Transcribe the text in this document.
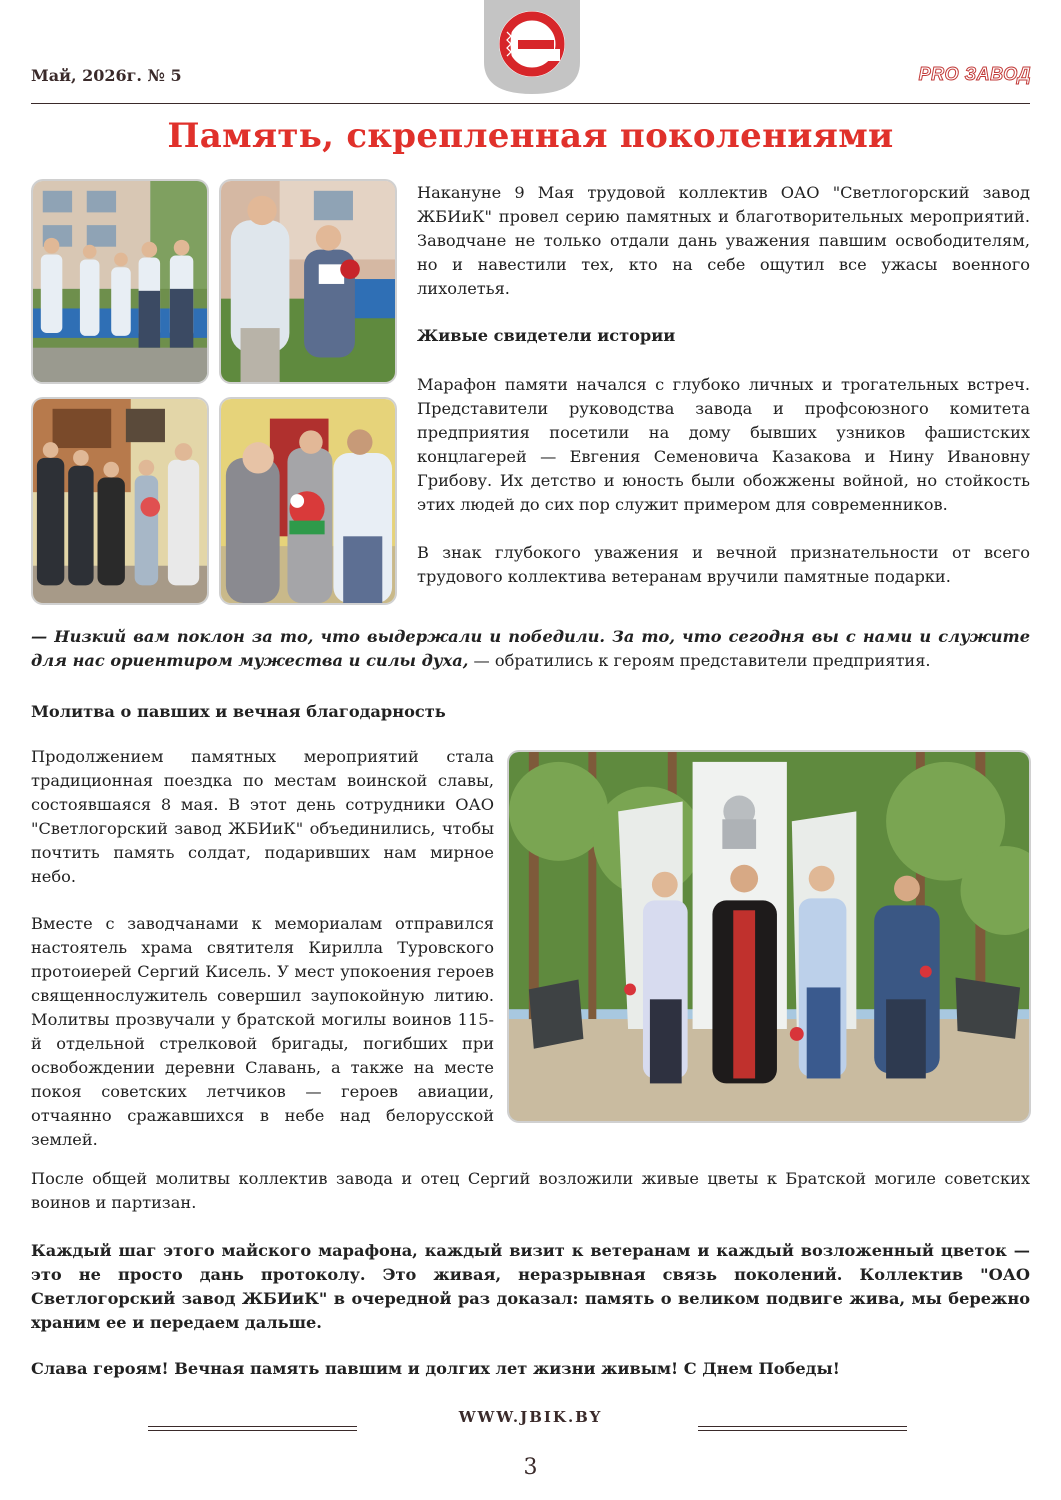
Май, 2026г. № 5	PRO ЗАВОД
Память, скрепленная поколениями
Накануне 9 Мая трудовой коллектив ОАО "Светлогорский завод ЖБИиК" провел серию памятных и благотворительных мероприятий. Заводчане не только отдали дань уважения павшим освободителям, но и навестили тех, кто на себе ощутил все ужасы военного лихолетья.
Живые свидетели истории
Марафон памяти начался с глубоко личных и трогательных встреч. Представители руководства завода и профсоюзного комитета предприятия посетили на дому бывших узников фашистских концлагерей — Евгения Семеновича Казакова и Нину Ивановну Грибову. Их детство и юность были обожжены войной, но стойкость этих людей до сих пор служит примером для современников.
В знак глубокого уважения и вечной признательности от всего трудового коллектива ветеранам вручили памятные подарки.
— Низкий вам поклон за то, что выдержали и победили. За то, что сегодня вы с нами и служите для нас ориентиром мужества и силы духа, — обратились к героям представители предприятия.
Молитва о павших и вечная благодарность
Продолжением памятных мероприятий стала традиционная поездка по местам воинской славы, состоявшаяся 8 мая. В этот день сотрудники ОАО "Светлогорский завод ЖБИиК" объединились, чтобы почтить память солдат, подаривших нам мирное небо.
Вместе с заводчанами к мемориалам отправился настоятель храма святителя Кирилла Туровского протоиерей Сергий Кисель. У мест упокоения героев священнослужитель совершил заупокойную литию. Молитвы прозвучали у братской могилы воинов 115-й отдельной стрелковой бригады, погибших при освобождении деревни Славань, а также на месте покоя советских летчиков — героев авиации, отчаянно сражавшихся в небе над белорусской землей.
После общей молитвы коллектив завода и отец Сергий возложили живые цветы к Братской могиле советских воинов и партизан.
Каждый шаг этого майского марафона, каждый визит к ветеранам и каждый возложенный цветок — это не просто дань протоколу. Это живая, неразрывная связь поколений. Коллектив "ОАО Светлогорский завод ЖБИиК" в очередной раз доказал: память о великом подвиге жива, мы бережно храним ее и передаем дальше.
Слава героям! Вечная память павшим и долгих лет жизни живым! С Днем Победы!
WWW.JBIK.BY
3
